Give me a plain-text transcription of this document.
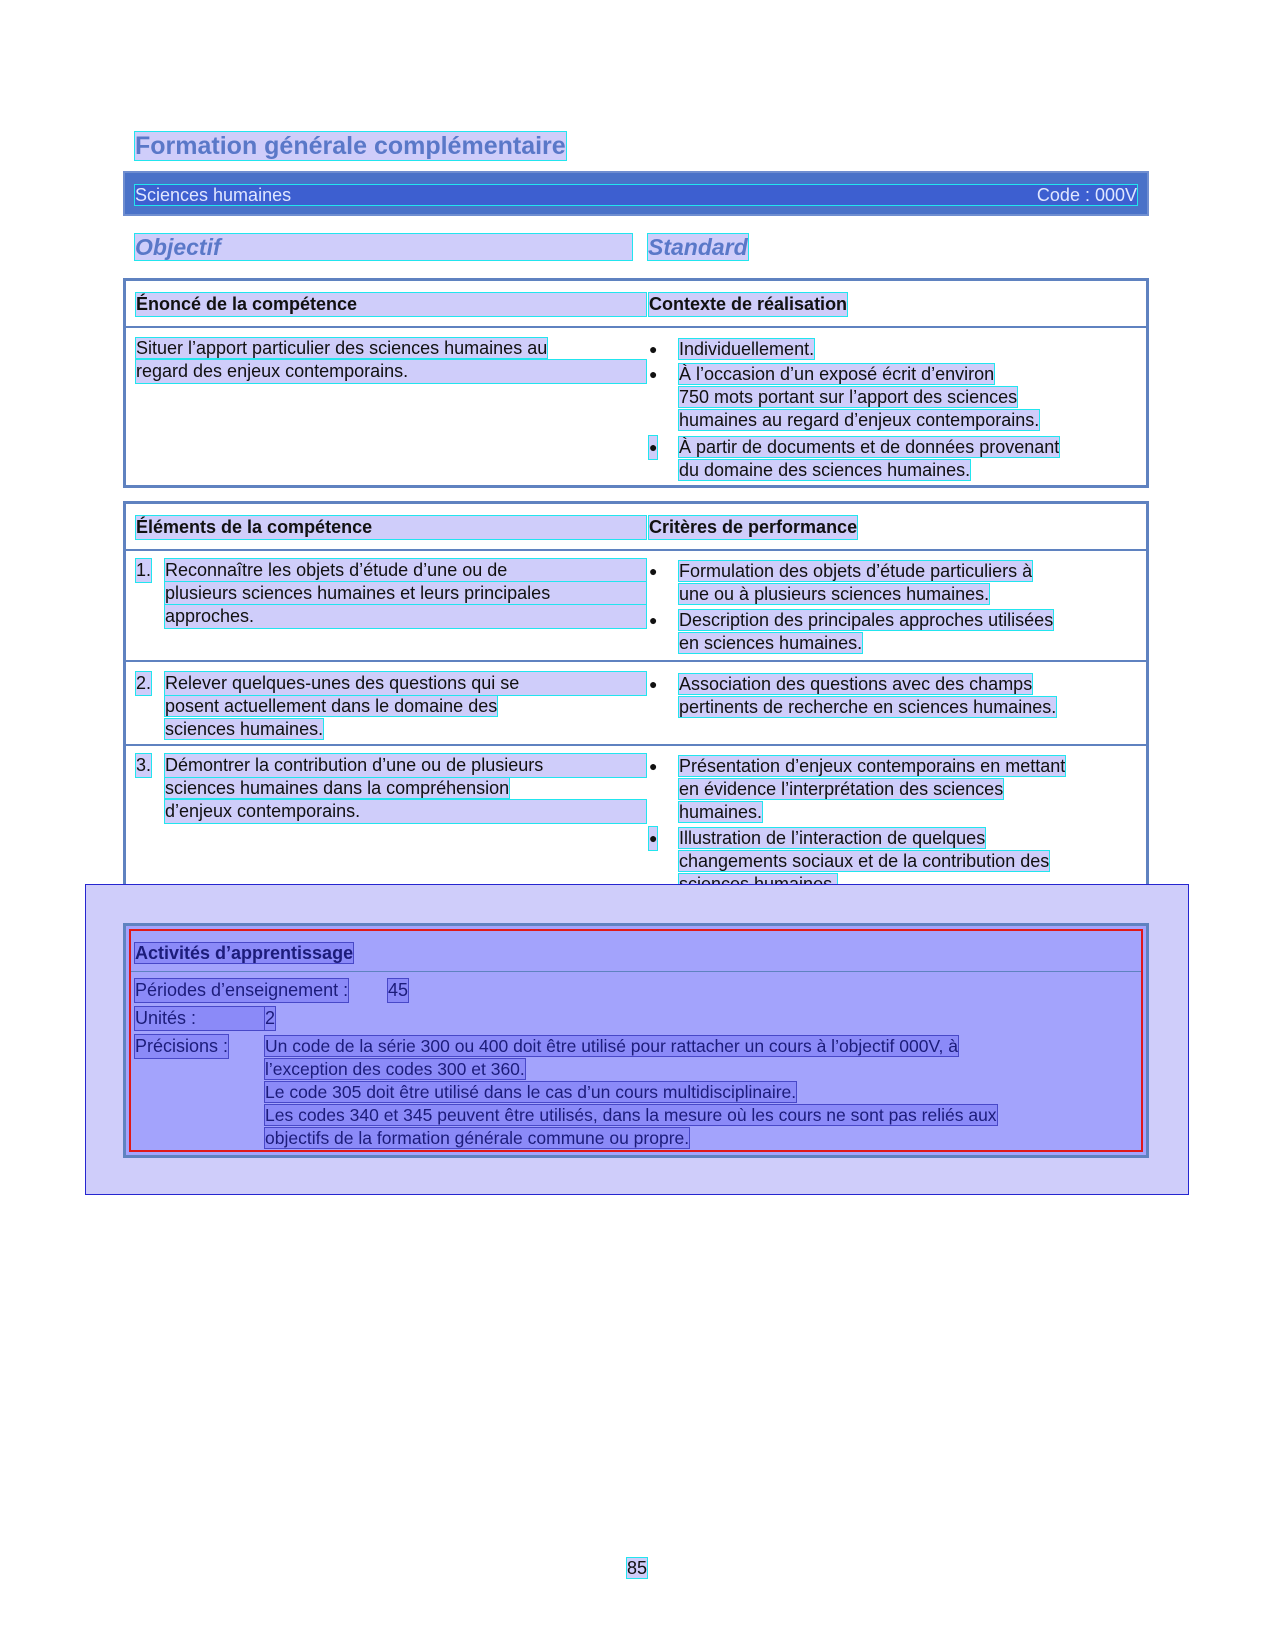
Formation générale complémentaire
Sciences humaines	Code : 000V
Objectif	Standard
Énoncé de la compétence	Contexte de réalisation
Situer l’apport particulier des sciences humaines au
regard des enjeux contemporains.
● Individuellement.
● À l’occasion d’un exposé écrit d’environ
750 mots portant sur l’apport des sciences
humaines au regard d’enjeux contemporains.
● À partir de documents et de données provenant
du domaine des sciences humaines.
Éléments de la compétence	Critères de performance
1. Reconnaître les objets d’étude d’une ou de
plusieurs sciences humaines et leurs principales
approches.
● Formulation des objets d’étude particuliers à
une ou à plusieurs sciences humaines.
● Description des principales approches utilisées
en sciences humaines.
2. Relever quelques-unes des questions qui se
posent actuellement dans le domaine des
sciences humaines.
● Association des questions avec des champs
pertinents de recherche en sciences humaines.
3. Démontrer la contribution d’une ou de plusieurs
sciences humaines dans la compréhension
d’enjeux contemporains.
● Présentation d’enjeux contemporains en mettant
en évidence l’interprétation des sciences
humaines.
● Illustration de l’interaction de quelques
changements sociaux et de la contribution des
Activités d’apprentissage
Périodes d’enseignement : 45
Unités :	2
Précisions : Un code de la série 300 ou 400 doit être utilisé pour rattacher un cours à l’objectif 000V, à
l’exception des codes 300 et 360.
Le code 305 doit être utilisé dans le cas d’un cours multidisciplinaire.
Les codes 340 et 345 peuvent être utilisés, dans la mesure où les cours ne sont pas reliés aux
objectifs de la formation générale commune ou propre.
85
